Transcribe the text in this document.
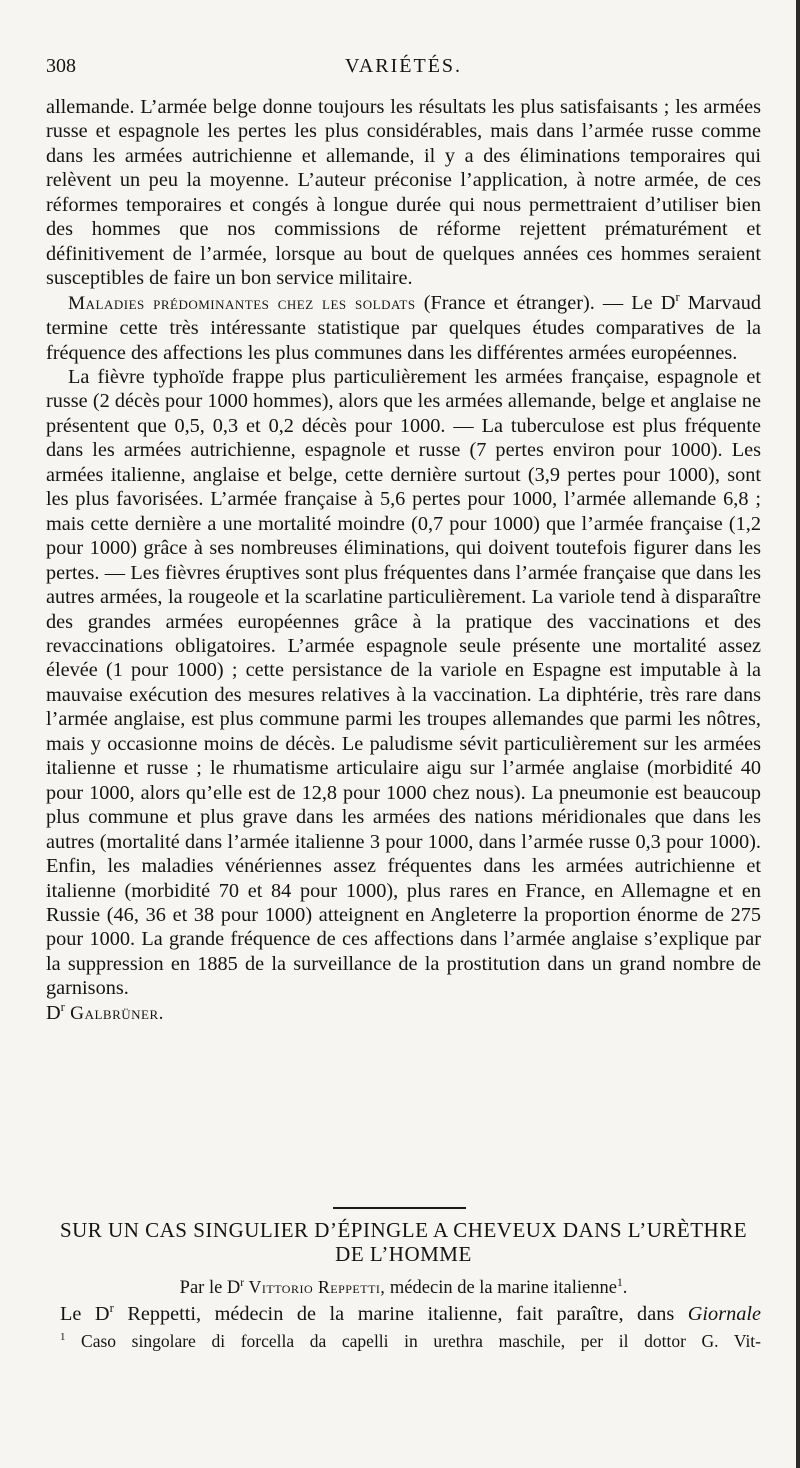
308	VARIÉTÉS.

allemande. L’armée belge donne toujours les résultats les plus satisfaisants ; les armées russe et espagnole les pertes les plus considérables, mais dans l’armée russe comme dans les armées autrichienne et allemande, il y a des éliminations temporaires qui relèvent un peu la moyenne. L’auteur préconise l’application, à notre armée, de ces réformes temporaires et congés à longue durée qui nous permettraient d’utiliser bien des hommes que nos commissions de réforme rejettent prématurément et définitivement de l’armée, lorsque au bout de quelques années ces hommes seraient susceptibles de faire un bon service militaire.

Maladies prédominantes chez les soldats (France et étranger). — Le $D^r$ Marvaud termine cette très intéressante statistique par quelques études comparatives de la fréquence des affections les plus communes dans les différentes armées européennes.

La fièvre typhoïde frappe plus particulièrement les armées française, espagnole et russe (2 décès pour 1000 hommes), alors que les armées allemande, belge et anglaise ne présentent que 0,5, 0,3 et 0,2 décès pour 1000. — La tuberculose est plus fréquente dans les armées autrichienne, espagnole et russe (7 pertes environ pour 1000). Les armées italienne, anglaise et belge, cette dernière surtout (3,9 pertes pour 1000), sont les plus favorisées. L’armée française à 5,6 pertes pour 1000, l’armée allemande 6,8 ; mais cette dernière a une mortalité moindre (0,7 pour 1000) que l’armée française (1,2 pour 1000) grâce à ses nombreuses éliminations, qui doivent toutefois figurer dans les pertes. — Les fièvres éruptives sont plus fréquentes dans l’armée française que dans les autres armées, la rougeole et la scarlatine particulièrement. La variole tend à disparaître des grandes armées européennes grâce à la pratique des vaccinations et des revaccinations obligatoires. L’armée espagnole seule présente une mortalité assez élevée (1 pour 1000) ; cette persistance de la variole en Espagne est imputable à la mauvaise exécution des mesures relatives à la vaccination. La diphtérie, très rare dans l’armée anglaise, est plus commune parmi les troupes allemandes que parmi les nôtres, mais y occasionne moins de décès. Le paludisme sévit particulièrement sur les armées italienne et russe ; le rhumatisme articulaire aigu sur l’armée anglaise (morbidité 40 pour 1000, alors qu’elle est de 12,8 pour 1000 chez nous). La pneumonie est beaucoup plus commune et plus grave dans les armées des nations méridionales que dans les autres (mortalité dans l’armée italienne 3 pour 1000, dans l’armée russe 0,3 pour 1000). Enfin, les maladies vénériennes assez fréquentes dans les armées autrichienne et italienne (morbidité 70 et 84 pour 1000), plus rares en France, en Allemagne et en Russie (46, 36 et 38 pour 1000) atteignent en Angleterre la proportion énorme de 275 pour 1000. La grande fréquence de ces affections dans l’armée anglaise s’explique par la suppression en 1885 de la surveillance de la prostitution dans un grand nombre de garnisons.

$D^r$ Galbrüner.

SUR UN CAS SINGULIER D’ÉPINGLE A CHEVEUX DANS L’URÈTHRE
DE L’HOMME
Par le $D^r$ Vittorio Reppetti, médecin de la marine italienne$^1$.
Le $D^r$ Reppetti, médecin de la marine italienne, fait paraître, dans Giornale
$^1$ Caso singolare di forcella da capelli in urethra maschile, per il dottor G. Vit-
